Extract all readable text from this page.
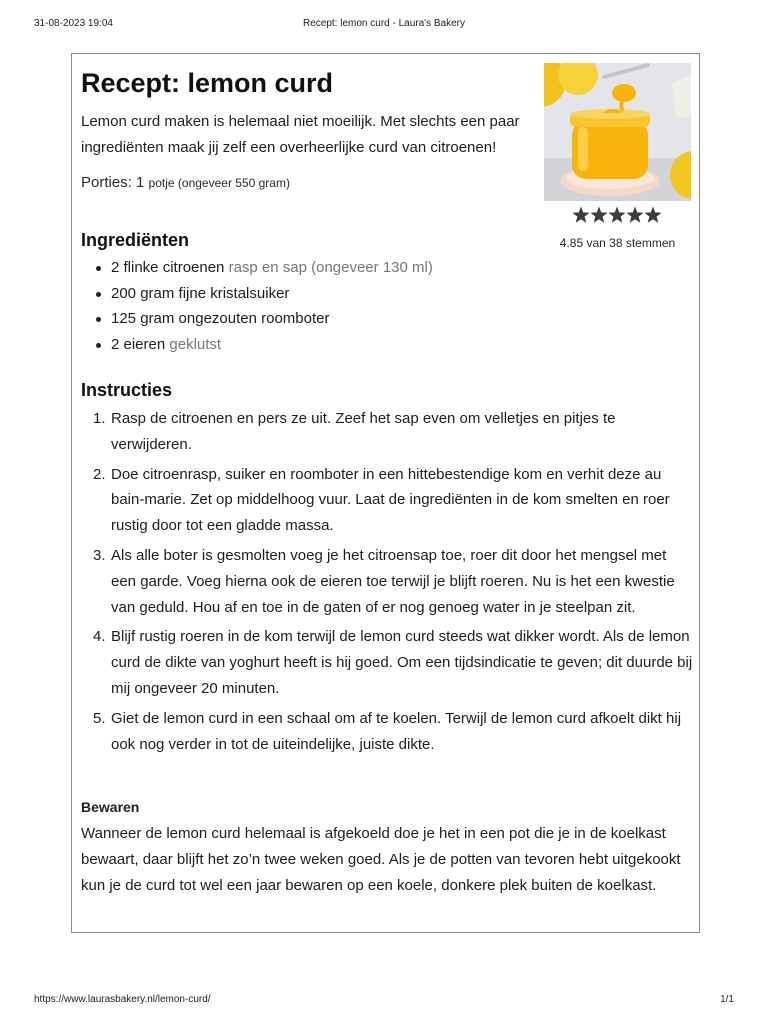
31-08-2023 19:04	Recept: lemon curd - Laura's Bakery
Recept: lemon curd

Lemon curd maken is helemaal niet moeilijk. Met slechts een paar ingrediënten maak jij zelf een overheerlijke curd van citroenen!

Porties: 1 potje (ongeveer 550 gram)
4.85 van 38 stemmen
Ingrediënten
2 flinke citroenen rasp en sap (ongeveer 130 ml)
200 gram fijne kristalsuiker
125 gram ongezouten roomboter
2 eieren geklutst
Instructies
1. Rasp de citroenen en pers ze uit. Zeef het sap even om velletjes en pitjes te verwijderen.
2. Doe citroenrasp, suiker en roomboter in een hittebestendige kom en verhit deze au bain-marie. Zet op middelhoog vuur. Laat de ingrediënten in de kom smelten en roer rustig door tot een gladde massa.
3. Als alle boter is gesmolten voeg je het citroensap toe, roer dit door het mengsel met een garde. Voeg hierna ook de eieren toe terwijl je blijft roeren. Nu is het een kwestie van geduld. Hou af en toe in de gaten of er nog genoeg water in je steelpan zit.
4. Blijf rustig roeren in de kom terwijl de lemon curd steeds wat dikker wordt. Als de lemon curd de dikte van yoghurt heeft is hij goed. Om een tijdsindicatie te geven; dit duurde bij mij ongeveer 20 minuten.
5. Giet de lemon curd in een schaal om af te koelen. Terwijl de lemon curd afkoelt dikt hij ook nog verder in tot de uiteindelijke, juiste dikte.
Bewaren

Wanneer de lemon curd helemaal is afgekoeld doe je het in een pot die je in de koelkast bewaart, daar blijft het zo’n twee weken goed. Als je de potten van tevoren hebt uitgekookt kun je de curd tot wel een jaar bewaren op een koele, donkere plek buiten de koelkast.

https://www.laurasbakery.nl/lemon-curd/	1/1
